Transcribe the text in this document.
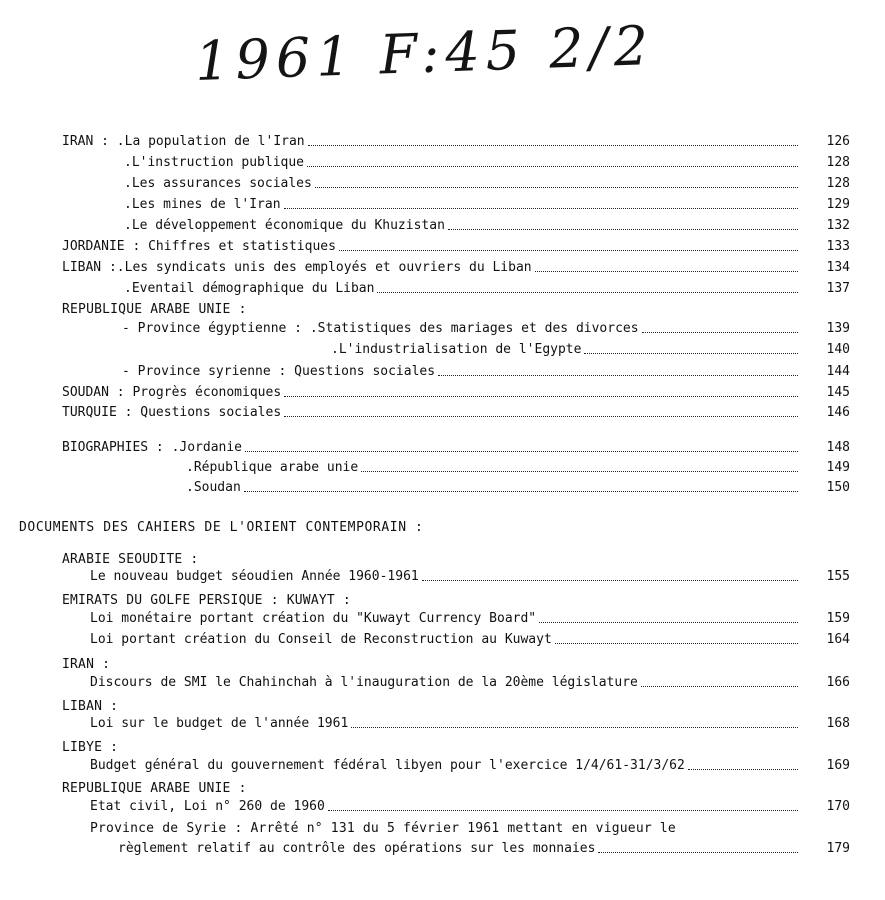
1961 F:45 2/2
IRAN : .La population de l'Iran	126
.L'instruction publique	128
.Les assurances sociales	128
.Les mines de l'Iran	129
.Le développement économique du Khuzistan	132
JORDANIE : Chiffres et statistiques	133
LIBAN :.Les syndicats unis des employés et ouvriers du Liban	134
.Eventail démographique du Liban	137
REPUBLIQUE ARABE UNIE :
- Province égyptienne : .Statistiques des mariages et des divorces	139
.L'industrialisation de l'Egypte	140
- Province syrienne : Questions sociales	144
SOUDAN : Progrès économiques	145
TURQUIE : Questions sociales	146
BIOGRAPHIES : .Jordanie	148
.République arabe unie	149
.Soudan	150
DOCUMENTS DES CAHIERS DE L'ORIENT CONTEMPORAIN :
ARABIE SEOUDITE :
Le nouveau budget séoudien Année 1960-1961	155
EMIRATS DU GOLFE PERSIQUE : KUWAYT :
Loi monétaire portant création du "Kuwayt Currency Board"	159
Loi portant création du Conseil de Reconstruction au Kuwayt	164
IRAN :
Discours de SMI le Chahinchah à l'inauguration de la 20ème législature	166
LIBAN :
Loi sur le budget de l'année 1961	168
LIBYE :
Budget général du gouvernement fédéral libyen pour l'exercice 1/4/61-31/3/62	169
REPUBLIQUE ARABE UNIE :
Etat civil, Loi n° 260 de 1960	170
Province de Syrie : Arrêté n° 131 du 5 février 1961 mettant en vigueur le
règlement relatif au contrôle des opérations sur les monnaies	179
